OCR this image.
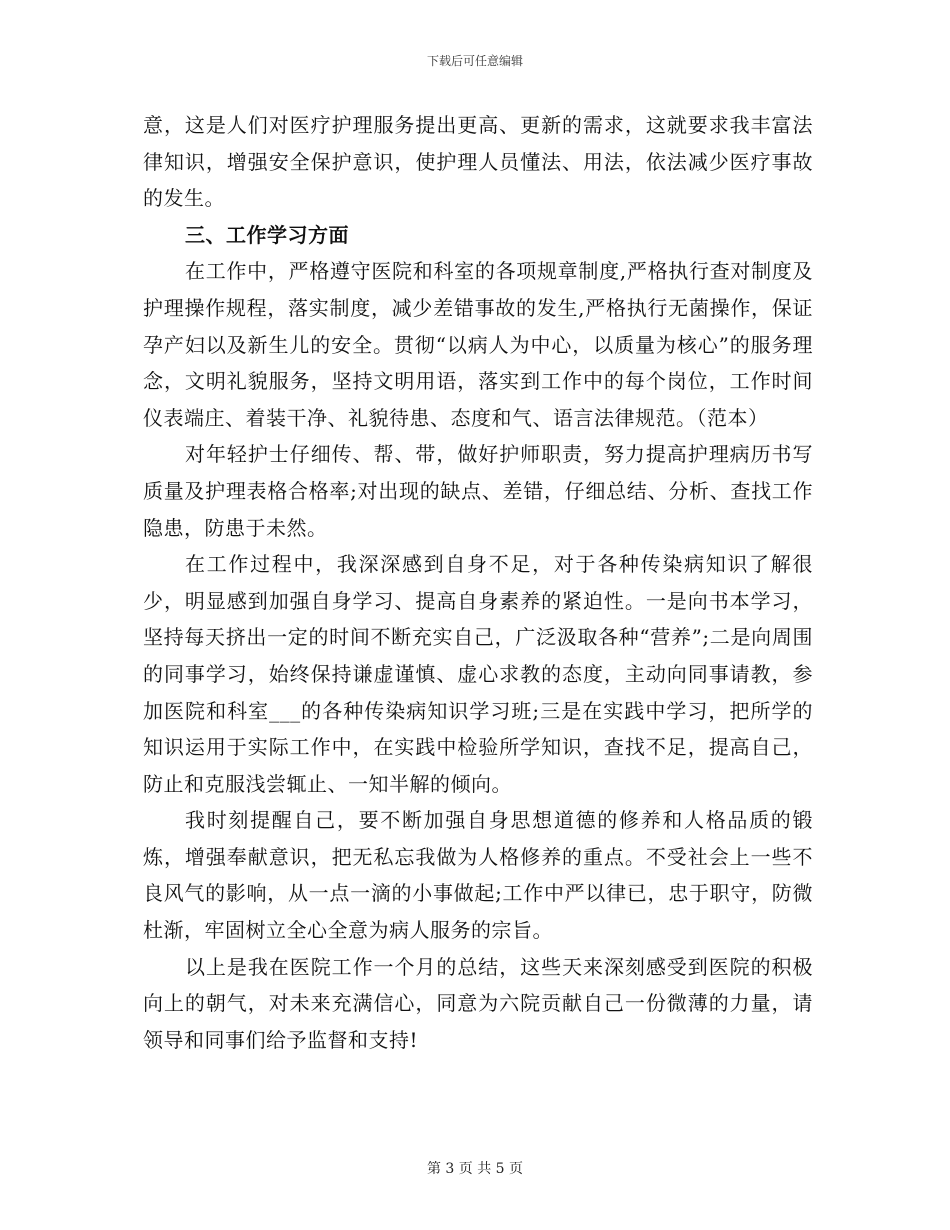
下载后可任意编辑

意，这是人们对医疗护理服务提出更高、更新的需求，这就要求我丰富法律知识，增强安全保护意识，使护理人员懂法、用法，依法减少医疗事故的发生。

三、工作学习方面

在工作中，严格遵守医院和科室的各项规章制度,严格执行查对制度及护理操作规程，落实制度，减少差错事故的发生,严格执行无菌操作，保证孕产妇以及新生儿的安全。贯彻“以病人为中心，以质量为核心”的服务理念，文明礼貌服务，坚持文明用语，落实到工作中的每个岗位，工作时间仪表端庄、着装干净、礼貌待患、态度和气、语言法律规范。（范本）

对年轻护士仔细传、帮、带，做好护师职责，努力提高护理病历书写质量及护理表格合格率;对出现的缺点、差错，仔细总结、分析、查找工作隐患，防患于未然。

在工作过程中，我深深感到自身不足，对于各种传染病知识了解很少，明显感到加强自身学习、提高自身素养的紧迫性。一是向书本学习，坚持每天挤出一定的时间不断充实自己，广泛汲取各种“营养”;二是向周围的同事学习，始终保持谦虚谨慎、虚心求教的态度，主动向同事请教，参加医院和科室___的各种传染病知识学习班;三是在实践中学习，把所学的知识运用于实际工作中，在实践中检验所学知识，查找不足，提高自己，防止和克服浅尝辄止、一知半解的倾向。

我时刻提醒自己，要不断加强自身思想道德的修养和人格品质的锻炼，增强奉献意识，把无私忘我做为人格修养的重点。不受社会上一些不良风气的影响，从一点一滴的小事做起;工作中严以律已，忠于职守，防微杜渐，牢固树立全心全意为病人服务的宗旨。

以上是我在医院工作一个月的总结，这些天来深刻感受到医院的积极向上的朝气，对未来充满信心，同意为六院贡献自己一份微薄的力量，请领导和同事们给予监督和支持!

第 3 页 共 5 页
